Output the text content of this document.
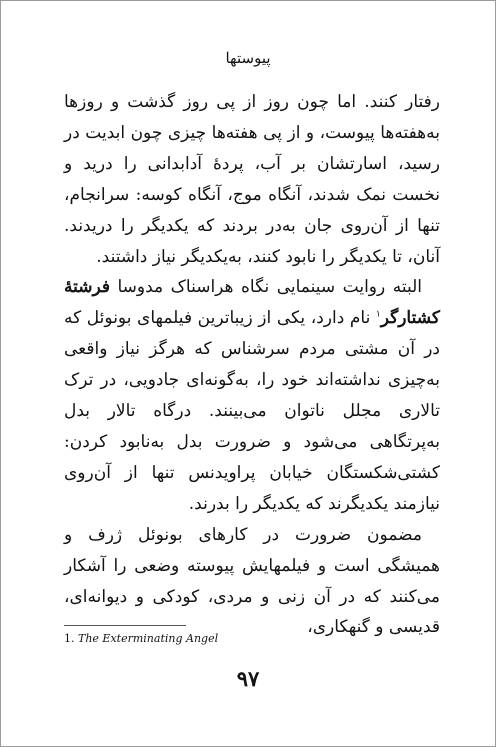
پیوستها

رفتار کنند. اما چون روز از پی روز گذشت و روزها به‌هفته‌ها پیوست، و از پی هفته‌ها چیزی چون ابدیت در رسید، اسارتشان بر آب، پردهٔ آدابدانی را درید و نخست نمک شدند، آنگاه موج، آنگاه کوسه: سرانجام، تنها از آن‌روی جان به‌در بردند که یکدیگر را دریدند. آنان، تا یکدیگر را نابود کنند، به‌یکدیگر نیاز داشتند.

البته روایت سینمایی نگاه هراسناک مدوسا فرشتهٔ کشتارگر$^۱$ نام دارد، یکی از زیباترین فیلمهای بونوئل که در آن مشتی مردم سرشناس که هرگز نیاز واقعی به‌چیزی نداشته‌اند خود را، به‌گونه‌ای جادویی، در ترک تالاری مجلل ناتوان می‌بینند. درگاه تالار بدل به‌پرتگاهی می‌شود و ضرورت بدل به‌نابود کردن: کشتی‌شکستگان خیابان پراویدنس تنها از آن‌روی نیازمند یکدیگرند که یکدیگر را بدرند.

مضمون ضرورت در کارهای بونوئل ژرف و همیشگی است و فیلمهایش پیوسته وضعی را آشکار می‌کنند که در آن زنی و مردی، کودکی و دیوانه‌ای، قدیسی و گنهکاری،

1. The Exterminating Angel
۹۷
